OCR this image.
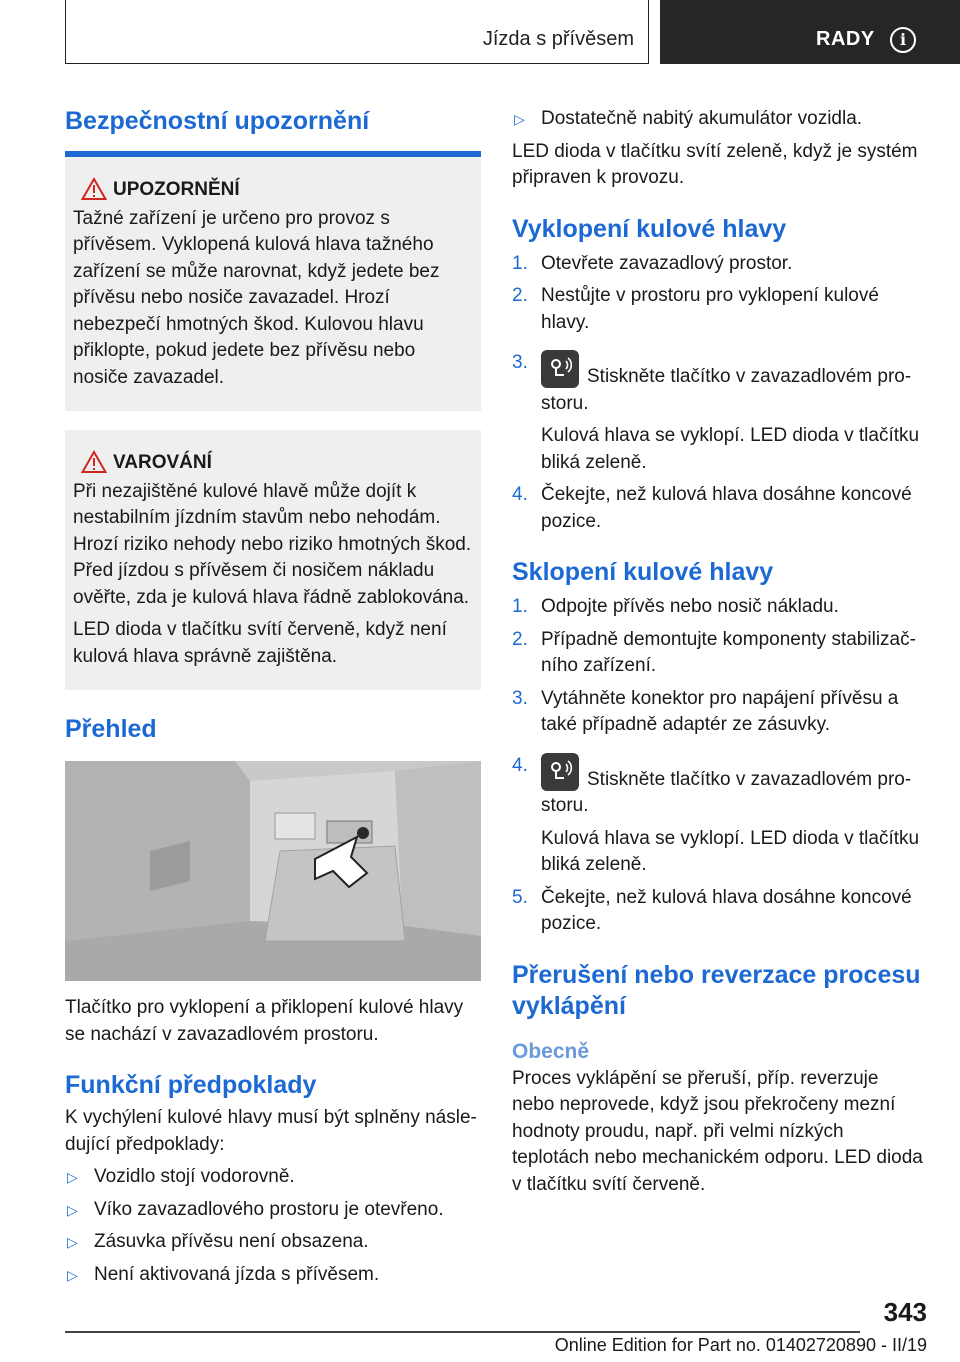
Jízda s přívěsem	RADY	i
Bezpečnostní upozornění
UPOZORNĚNÍ

Tažné zařízení je určeno pro provoz s přívěsem. Vyklopená kulová hlava tažného zařízení se může narovnat, když jedete bez přívěsu nebo nosiče zavazadel. Hrozí nebezpečí hmotných škod. Kulovou hlavu přiklopte, pokud jedete bez přívěsu nebo nosiče zavazadel.

VAROVÁNÍ

Při nezajištěné kulové hlavě může dojít k nestabilním jízdním stavům nebo nehodám. Hrozí riziko nehody nebo riziko hmotných škod. Před jízdou s přívěsem či nosičem nákladu ověřte, zda je kulová hlava řádně zablokována.

LED dioda v tlačítku svítí červeně, když není kulová hlava správně zajištěna.

Přehled

Tlačítko pro vyklopení a přiklopení kulové hlavy se nachází v zavazadlovém prostoru.

Funkční předpoklady

K vychýlení kulové hlavy musí být splněny následující předpoklady:

▷ Vozidlo stojí vodorovně.
▷ Víko zavazadlového prostoru je otevřeno.
▷ Zásuvka přívěsu není obsazena.
▷ Není aktivovaná jízda s přívěsem.
▷ Dostatečně nabitý akumulátor vozidla.

LED dioda v tlačítku svítí zeleně, když je systém připraven k provozu.

Vyklopení kulové hlavy
1. Otevřete zavazadlový prostor.
2. Nestůjte v prostoru pro vyklopení kulové hlavy.
3.
Stiskněte tlačítko v zavazadlovém prostoru.

Kulová hlava se vyklopí. LED dioda v tlačítku bliká zeleně.

4. Čekejte, než kulová hlava dosáhne koncové pozice.
Sklopení kulové hlavy
1. Odpojte přívěs nebo nosič nákladu.
2. Případně demontujte komponenty stabilizačního zařízení.
3. Vytáhněte konektor pro napájení přívěsu a také případně adaptér ze zásuvky.
4.
Stiskněte tlačítko v zavazadlovém prostoru.

Kulová hlava se vyklopí. LED dioda v tlačítku bliká zeleně.

5. Čekejte, než kulová hlava dosáhne koncové pozice.
Přerušení nebo reverzace procesu vyklápění
Obecně

Proces vyklápění se přeruší, příp. reverzuje nebo neprovede, když jsou překročeny mezní hodnoty proudu, např. při velmi nízkých teplotách nebo mechanickém odporu. LED dioda v tlačítku svítí červeně.

343
Online Edition for Part no. 01402720890 - II/19
